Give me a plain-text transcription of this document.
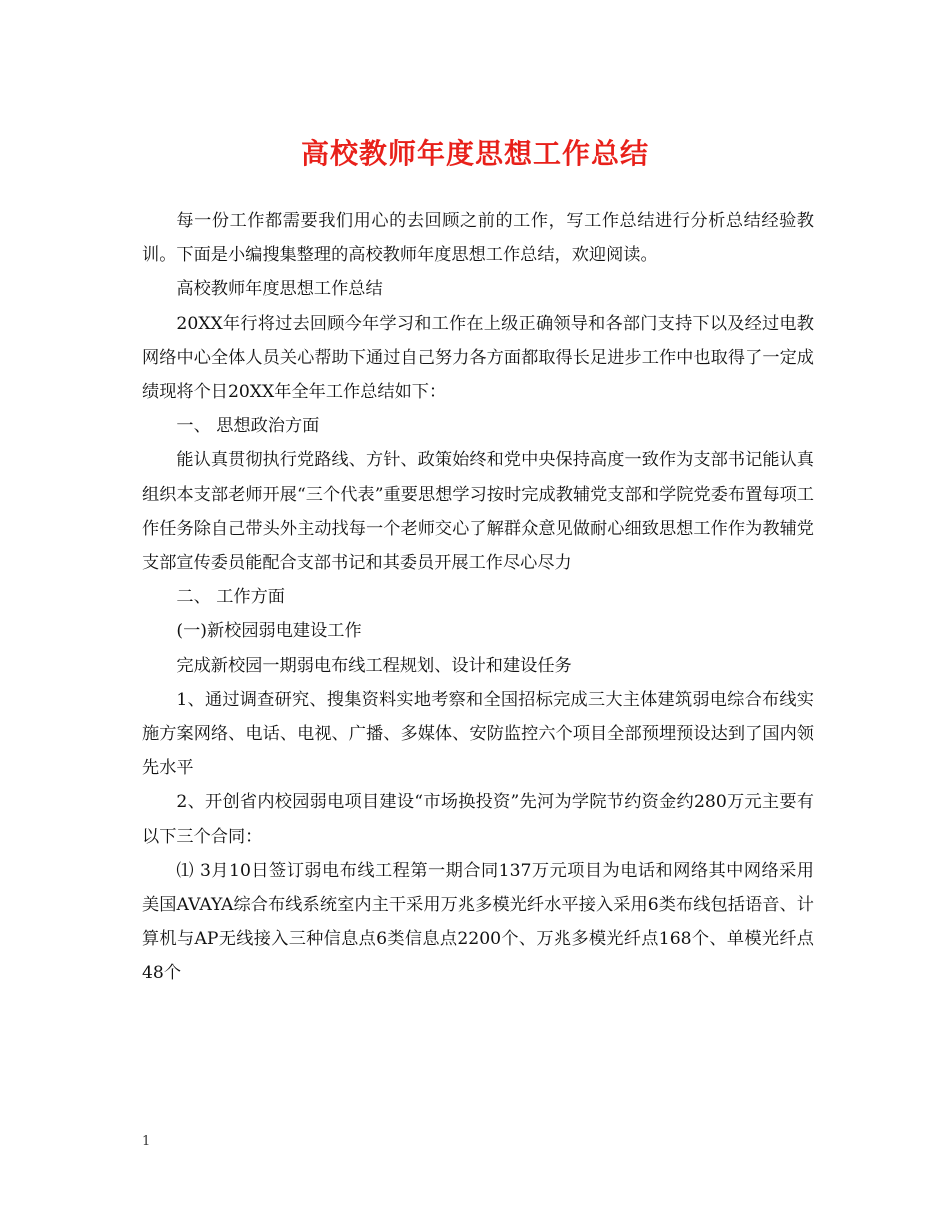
高校教师年度思想工作总结

每一份工作都需要我们用心的去回顾之前的工作，写工作总结进行分析总结经验教训。下面是小编搜集整理的高校教师年度思想工作总结，欢迎阅读。

高校教师年度思想工作总结

20XX年行将过去回顾今年学习和工作在上级正确领导和各部门支持下以及经过电教网络中心全体人员关心帮助下通过自己努力各方面都取得长足进步工作中也取得了一定成绩现将个日20XX年全年工作总结如下：

一、 思想政治方面

能认真贯彻执行党路线、方针、政策始终和党中央保持高度一致作为支部书记能认真组织本支部老师开展“三个代表”重要思想学习按时完成教辅党支部和学院党委布置每项工作任务除自己带头外主动找每一个老师交心了解群众意见做耐心细致思想工作作为教辅党支部宣传委员能配合支部书记和其委员开展工作尽心尽力

二、 工作方面

(一)新校园弱电建设工作

完成新校园一期弱电布线工程规划、设计和建设任务

1、通过调查研究、搜集资料实地考察和全国招标完成三大主体建筑弱电综合布线实施方案网络、电话、电视、广播、多媒体、安防监控六个项目全部预埋预设达到了国内领先水平

2、开创省内校园弱电项目建设“市场换投资”先河为学院节约资金约280万元主要有以下三个合同：

⑴ 3月10日签订弱电布线工程第一期合同137万元项目为电话和网络其中网络采用美国AVAYA综合布线系统室内主干采用万兆多模光纤水平接入采用6类布线包括语音、计算机与AP无线接入三种信息点6类信息点2200个、万兆多模光纤点168个、单模光纤点48个

1
